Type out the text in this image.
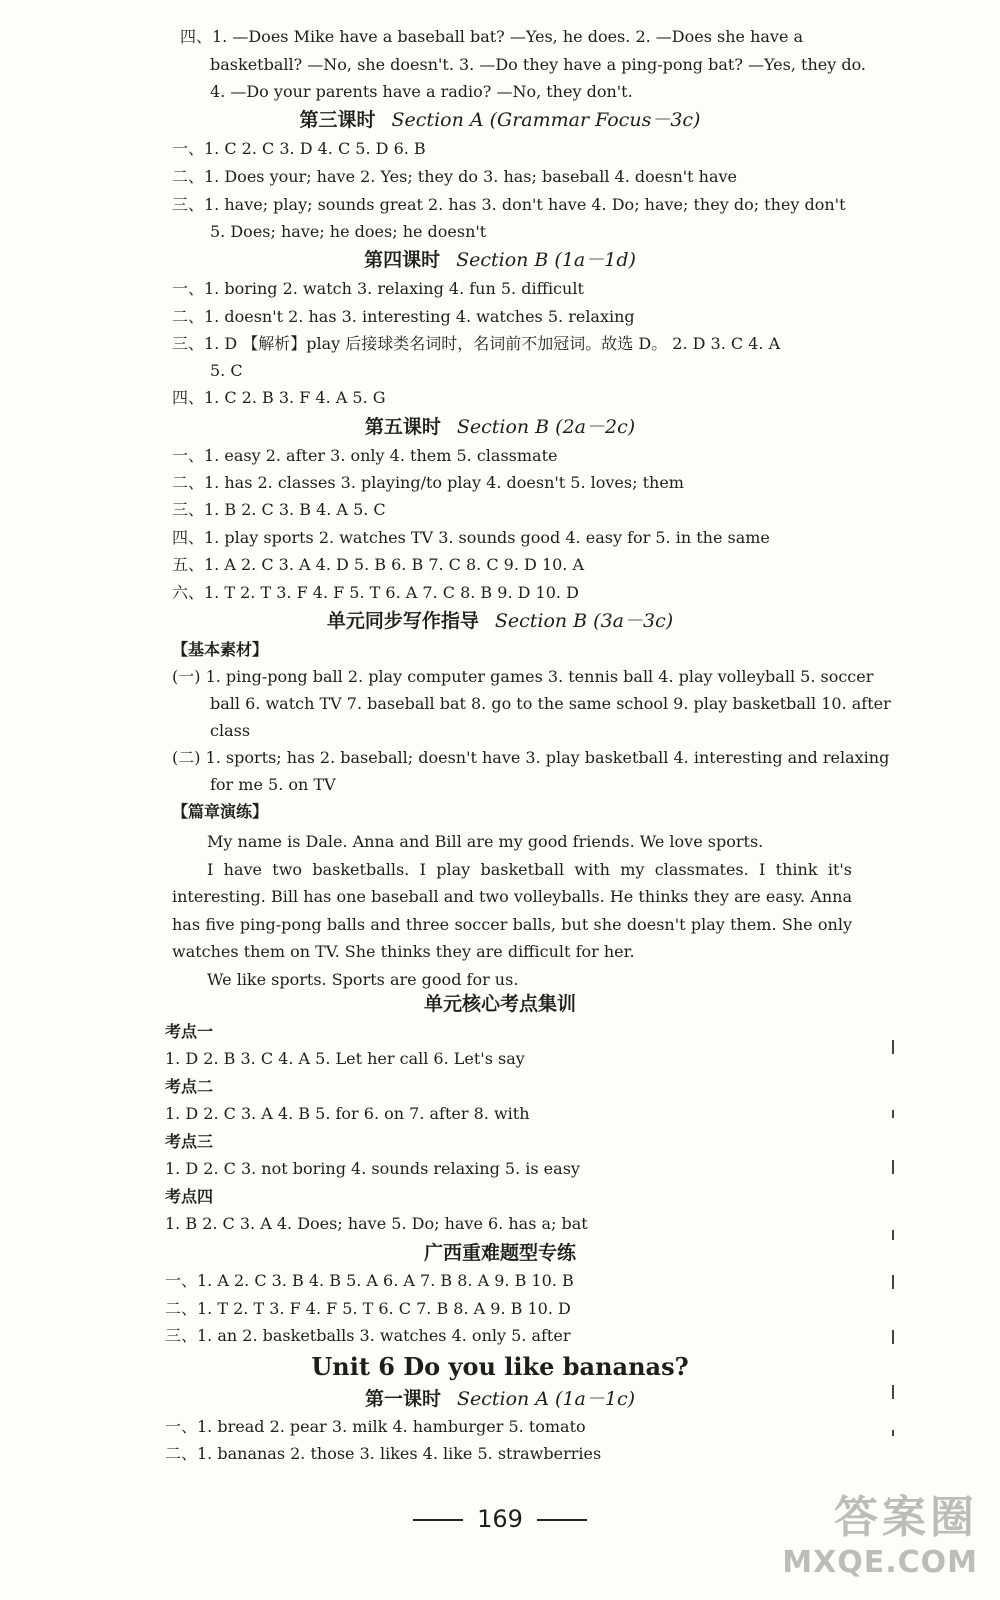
四、1. —Does Mike have a baseball bat? —Yes, he does. 2. —Does she have a
basketball? —No, she doesn't. 3. —Do they have a ping-pong bat? —Yes, they do.
4. —Do your parents have a radio? —No, they don't.
第三课时 Section A (Grammar Focus－3c)
一、1. C 2. C 3. D 4. C 5. D 6. B
二、1. Does your; have 2. Yes; they do 3. has; baseball 4. doesn't have
三、1. have; play; sounds great 2. has 3. don't have 4. Do; have; they do; they don't
5. Does; have; he does; he doesn't
第四课时 Section B (1a－1d)
一、1. boring 2. watch 3. relaxing 4. fun 5. difficult
二、1. doesn't 2. has 3. interesting 4. watches 5. relaxing
三、1. D 【解析】play 后接球类名词时，名词前不加冠词。故选 D。 2. D 3. C 4. A
5. C
四、1. C 2. B 3. F 4. A 5. G
第五课时 Section B (2a－2c)
一、1. easy 2. after 3. only 4. them 5. classmate
二、1. has 2. classes 3. playing/to play 4. doesn't 5. loves; them
三、1. B 2. C 3. B 4. A 5. C
四、1. play sports 2. watches TV 3. sounds good 4. easy for 5. in the same
五、1. A 2. C 3. A 4. D 5. B 6. B 7. C 8. C 9. D 10. A
六、1. T 2. T 3. F 4. F 5. T 6. A 7. C 8. B 9. D 10. D
单元同步写作指导 Section B (3a－3c)
【基本素材】
(一) 1. ping-pong ball 2. play computer games 3. tennis ball 4. play volleyball 5. soccer
ball 6. watch TV 7. baseball bat 8. go to the same school 9. play basketball 10. after
class
(二) 1. sports; has 2. baseball; doesn't have 3. play basketball 4. interesting and relaxing
for me 5. on TV
【篇章演练】

My name is Dale. Anna and Bill are my good friends. We love sports.

I have two basketballs. I play basketball with my classmates. I think it's interesting. Bill has one baseball and two volleyballs. He thinks they are easy. Anna has five ping-pong balls and three soccer balls, but she doesn't play them. She only watches them on TV. She thinks they are difficult for her.

We like sports. Sports are good for us.

单元核心考点集训
考点一
1. D 2. B 3. C 4. A 5. Let her call 6. Let's say
考点二
1. D 2. C 3. A 4. B 5. for 6. on 7. after 8. with
考点三
1. D 2. C 3. not boring 4. sounds relaxing 5. is easy
考点四
1. B 2. C 3. A 4. Does; have 5. Do; have 6. has a; bat
广西重难题型专练
一、1. A 2. C 3. B 4. B 5. A 6. A 7. B 8. A 9. B 10. B
二、1. T 2. T 3. F 4. F 5. T 6. C 7. B 8. A 9. B 10. D
三、1. an 2. basketballs 3. watches 4. only 5. after
Unit 6 Do you like bananas?
第一课时 Section A (1a－1c)
一、1. bread 2. pear 3. milk 4. hamburger 5. tomato
二、1. bananas 2. those 3. likes 4. like 5. strawberries
169	答案圈
MXQE.COM
